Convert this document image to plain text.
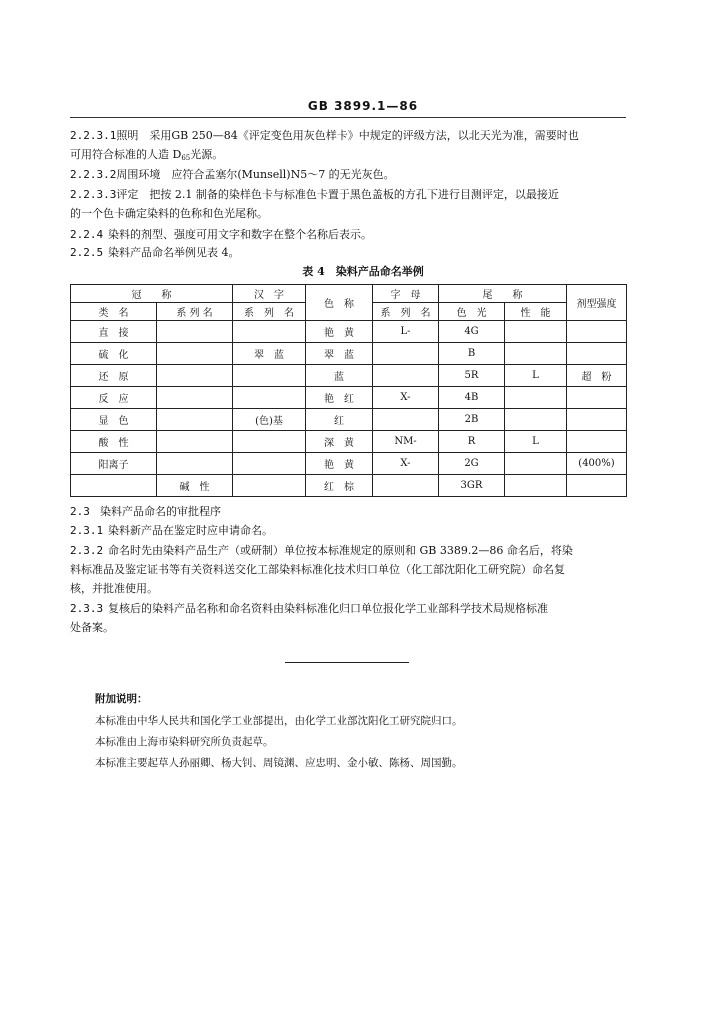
GB 3899.1—86

2.2.3.1照明　采用GB 250—84《评定变色用灰色样卡》中规定的评级方法，以北天光为准，需要时也
可用符合标准的人造 $D_{65}$光源。

2.2.3.2周围环境　应符合孟塞尔(Munsell)N5～7 的无光灰色。

2.2.3.3评定　把按 2.1 制备的染样色卡与标准色卡置于黑色盖板的方孔下进行目测评定，以最接近
的一个色卡确定染料的色称和色光尾称。

2.2.4 染料的剂型、强度可用文字和数字在整个名称后表示。

2.2.5 染料产品命名举例见表 4。

表 4　染料产品命名举例
冠　　称		汉　字	色　称	字　母	尾　　称		剂型强度
类　名	系 列 名	系　列　名		系　列　名	色　光	性　能	
直　接			艳　黄	L-	4G		
硫　化		翠　蓝	翠　蓝		B		
还　原			蓝		5R	L	超　粉
反　应			艳　红	X-	4B		
显　色		(色)基	红		2B		
酸　性			深　黄	NM-	R	L	
阳离子			艳　黄	X-	2G		(400%)
	碱　性		红　棕		3GR		

2.3 染料产品命名的审批程序

2.3.1 染料新产品在鉴定时应申请命名。

2.3.2 命名时先由染料产品生产（或研制）单位按本标准规定的原则和 GB 3389.2—86 命名后，将染
料标准品及鉴定证书等有关资料送交化工部染料标准化技术归口单位（化工部沈阳化工研究院）命名复
核，并批准使用。

2.3.3 复核后的染料产品名称和命名资料由染料标准化归口单位报化学工业部科学技术局规格标准
处备案。

附加说明：

本标准由中华人民共和国化学工业部提出，由化学工业部沈阳化工研究院归口。

本标准由上海市染料研究所负责起草。

本标准主要起草人孙丽卿、杨大钊、周镜渊、应忠明、金小敏、陈杨、周国勤。
